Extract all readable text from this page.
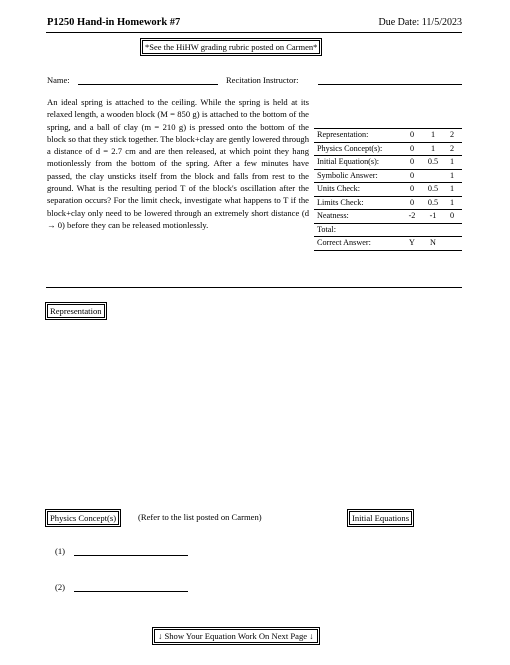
P1250 Hand-in Homework #7	Due Date: 11/5/2023
*See the HiHW grading rubric posted on Carmen*
Name:	Recitation Instructor:
An ideal spring is attached to the ceiling. While the spring is held at its relaxed length, a wooden block (M = 850 g) is attached to the bottom of the spring, and a ball of clay (m = 210 g) is pressed onto the bottom of the block so that they stick together. The block+clay are gently lowered through a distance of d = 2.7 cm and are then released, at which point they hang motionlessly from the bottom of the spring. After a few minutes have passed, the clay unsticks itself from the block and falls from rest to the ground. What is the resulting period T of the block's oscillation after the separation occurs? For the limit check, investigate what happens to T if the block+clay only need to be lowered through an extremely short distance (d → 0) before they can be released motionlessly.
Representation:	0 1 2
Physics Concept(s):	0 1 2
Initial Equation(s):	0 0.5 1
Symbolic Answer:	0	1
Units Check:	0 0.5 1
Limits Check:	0 0.5 1
Neatness:	-2 -1 0
Total:
Correct Answer:	Y N
Representation
Physics Concept(s)	(Refer to the list posted on Carmen)	Initial Equations
(1)
(2)
↓ Show Your Equation Work On Next Page ↓
